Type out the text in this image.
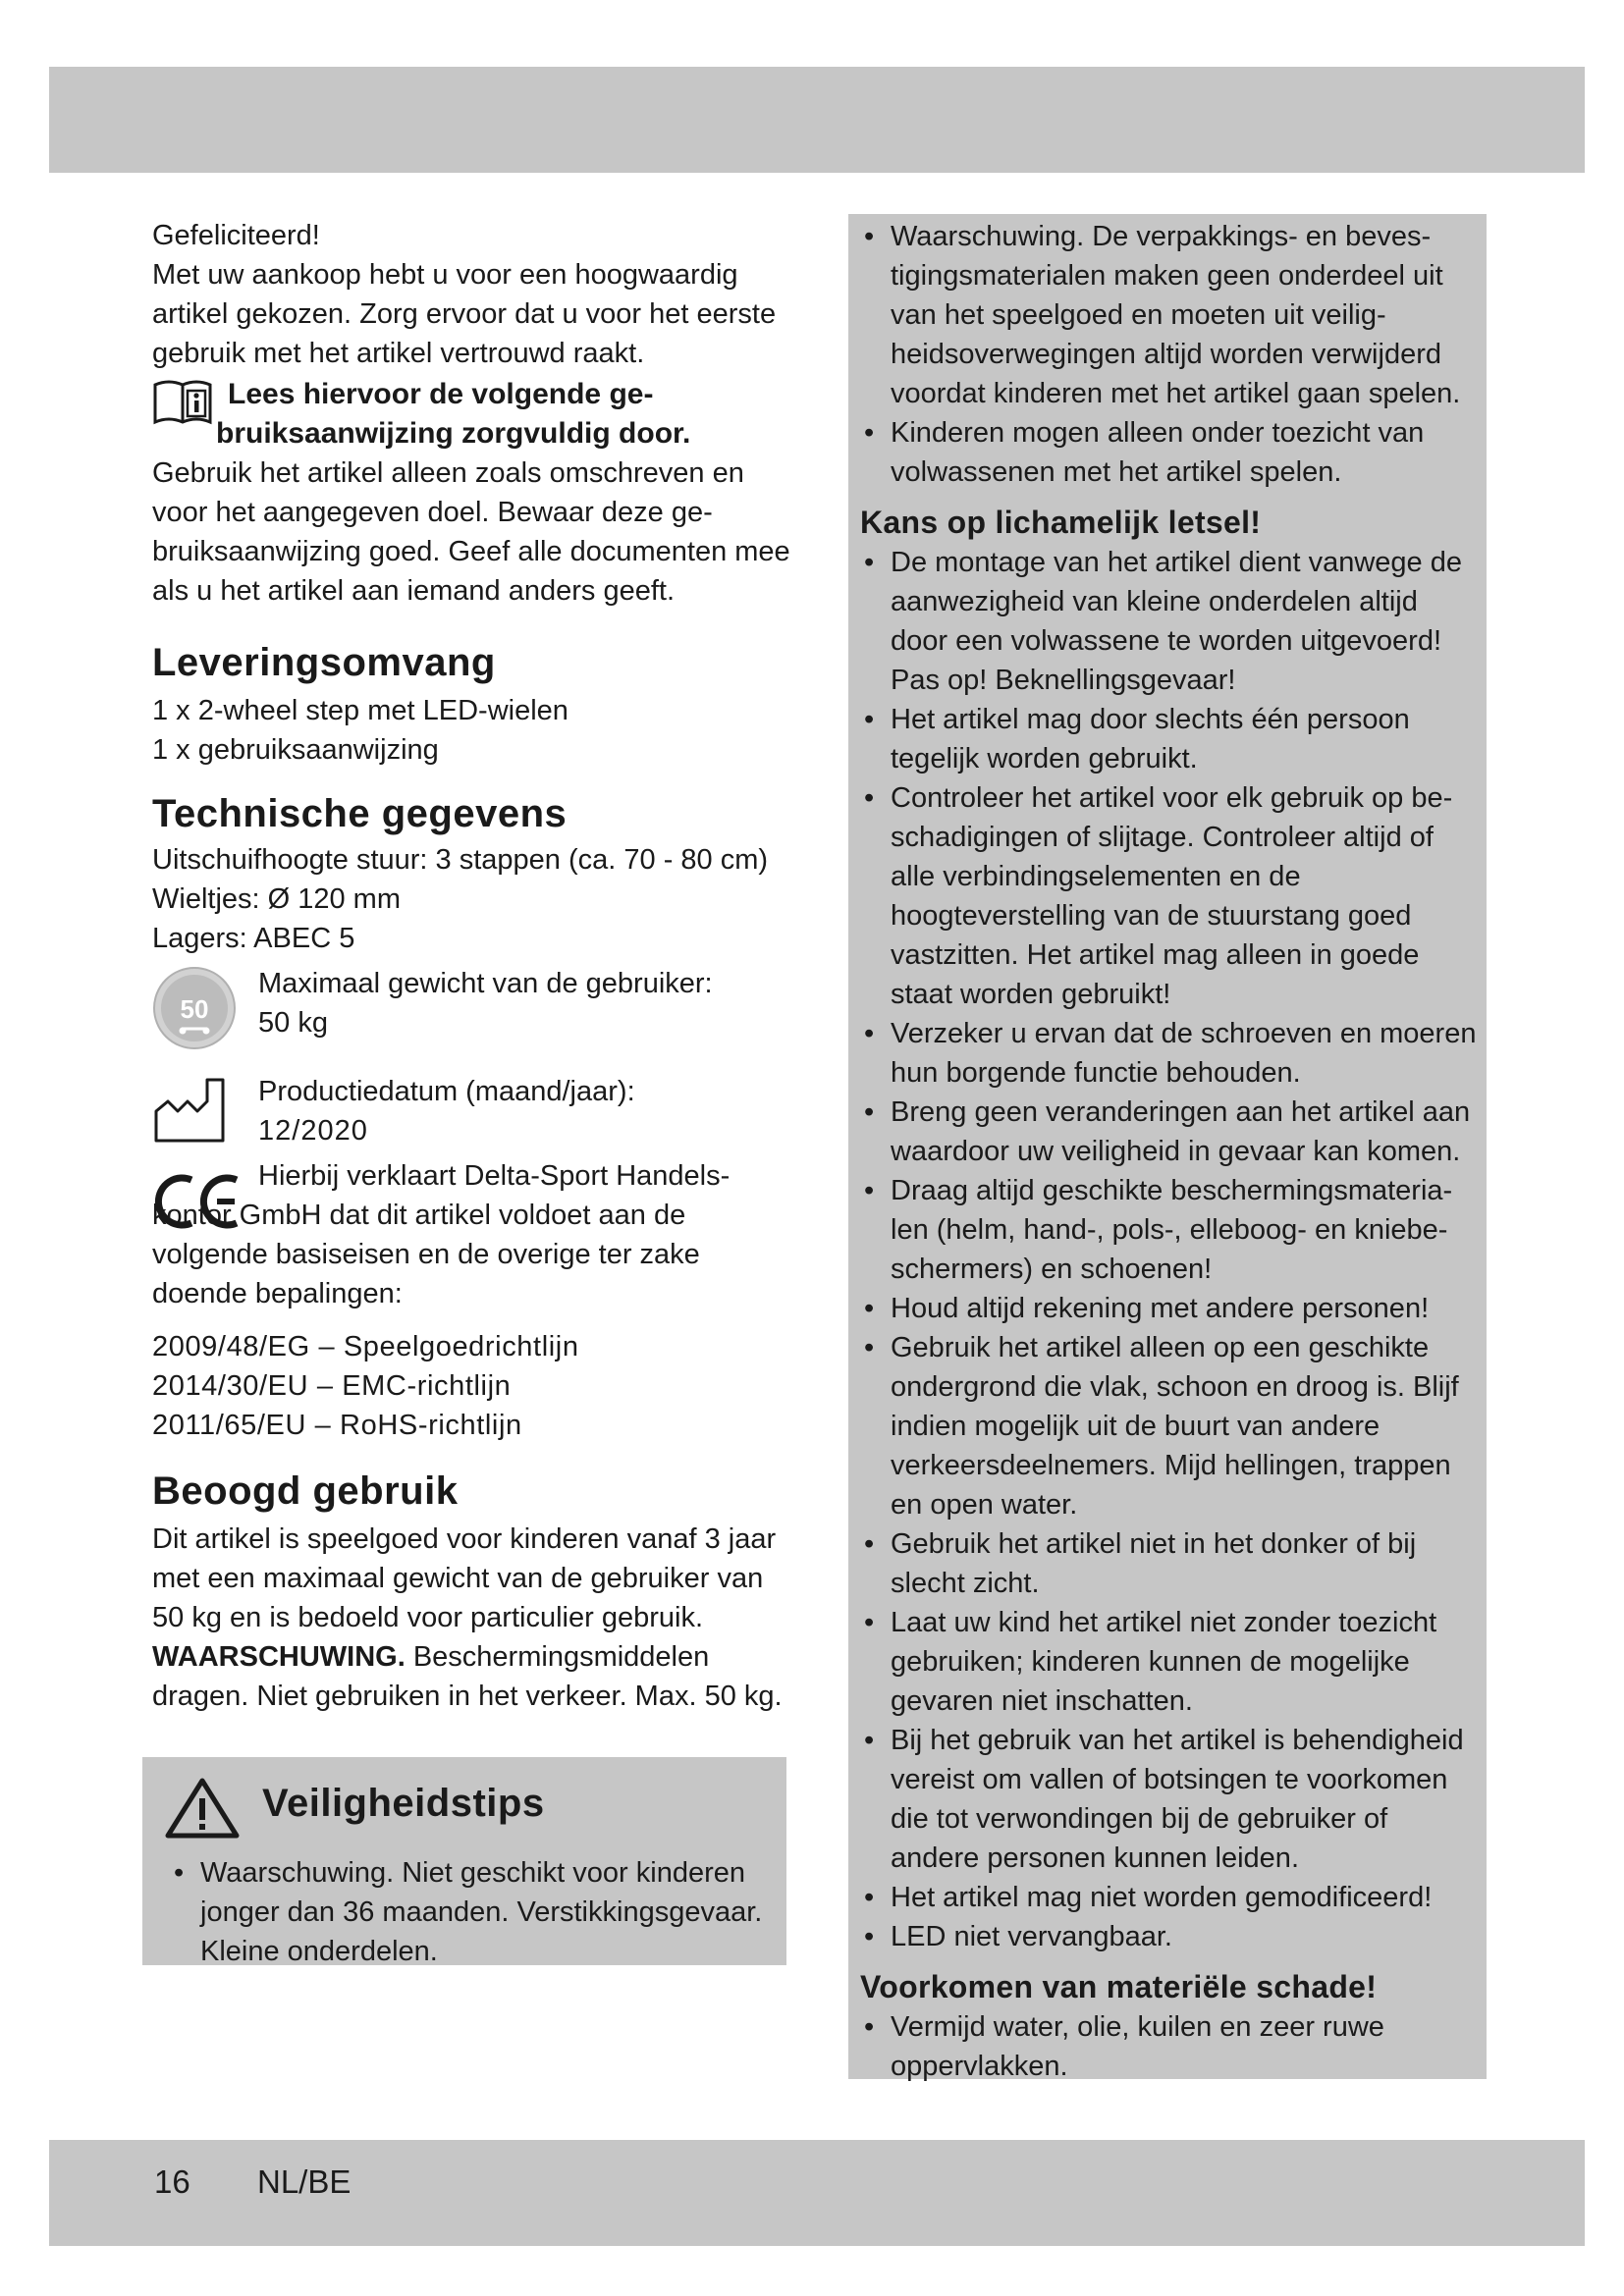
Gefeliciteerd!

Met uw aankoop hebt u voor een hoogwaardig artikel gekozen. Zorg ervoor dat u voor het eerste gebruik met het artikel vertrouwd raakt.

Lees hiervoor de volgende ge-
bruiksaanwijzing zorgvuldig door.

Gebruik het artikel alleen zoals omschreven en voor het aangegeven doel. Bewaar deze ge-bruiksaanwijzing goed. Geef alle documenten mee als u het artikel aan iemand anders geeft.

Leveringsomvang

1 x 2-wheel step met LED-wielen

1 x gebruiksaanwijzing

Technische gegevens

Uitschuifhoogte stuur: 3 stappen (ca. 70 - 80 cm)

Wieltjes: Ø 120 mm

Lagers: ABEC 5

50

Maximaal gewicht van de gebruiker:

50 kg

Productiedatum (maand/jaar):

12/2020

Hierbij verklaart Delta-Sport Handels-kontor GmbH dat dit artikel voldoet aan de volgende basiseisen en de overige ter zake doende bepalingen:

2009/48/EG – Speelgoedrichtlijn

2014/30/EU – EMC-richtlijn

2011/65/EU – RoHS-richtlijn

Beoogd gebruik

Dit artikel is speelgoed voor kinderen vanaf 3 jaar met een maximaal gewicht van de gebruiker van 50 kg en is bedoeld voor particulier gebruik.

WAARSCHUWING. Beschermingsmiddelen dragen. Niet gebruiken in het verkeer. Max. 50 kg.

Veiligheidstips
• Waarschuwing. Niet geschikt voor kinderen jonger dan 36 maanden. Verstikkingsgevaar. Kleine onderdelen.
• Waarschuwing. De verpakkings- en beves-tigingsmaterialen maken geen onderdeel uit van het speelgoed en moeten uit veilig-heidsoverwegingen altijd worden verwijderd voordat kinderen met het artikel gaan spelen.
• Kinderen mogen alleen onder toezicht van volwassenen met het artikel spelen.
Kans op lichamelijk letsel!
• De montage van het artikel dient vanwege de aanwezigheid van kleine onderdelen altijd door een volwassene te worden uitgevoerd! Pas op! Beknellingsgevaar!
• Het artikel mag door slechts één persoon tegelijk worden gebruikt.
• Controleer het artikel voor elk gebruik op be-schadigingen of slijtage. Controleer altijd of alle verbindingselementen en de hoogteverstelling van de stuurstang goed vastzitten. Het artikel mag alleen in goede staat worden gebruikt!
• Verzeker u ervan dat de schroeven en moeren hun borgende functie behouden.
• Breng geen veranderingen aan het artikel aan waardoor uw veiligheid in gevaar kan komen.
• Draag altijd geschikte beschermingsmateria-len (helm, hand-, pols-, elleboog- en kniebe-schermers) en schoenen!
• Houd altijd rekening met andere personen!
• Gebruik het artikel alleen op een geschikte ondergrond die vlak, schoon en droog is. Blijf indien mogelijk uit de buurt van andere verkeersdeelnemers. Mijd hellingen, trappen en open water.
• Gebruik het artikel niet in het donker of bij slecht zicht.
• Laat uw kind het artikel niet zonder toezicht gebruiken; kinderen kunnen de mogelijke gevaren niet inschatten.
• Bij het gebruik van het artikel is behendigheid vereist om vallen of botsingen te voorkomen die tot verwondingen bij de gebruiker of andere personen kunnen leiden.
• Het artikel mag niet worden gemodificeerd!
• LED niet vervangbaar.
Voorkomen van materiële schade!
• Vermijd water, olie, kuilen en zeer ruwe oppervlakken.
16 NL/BE
